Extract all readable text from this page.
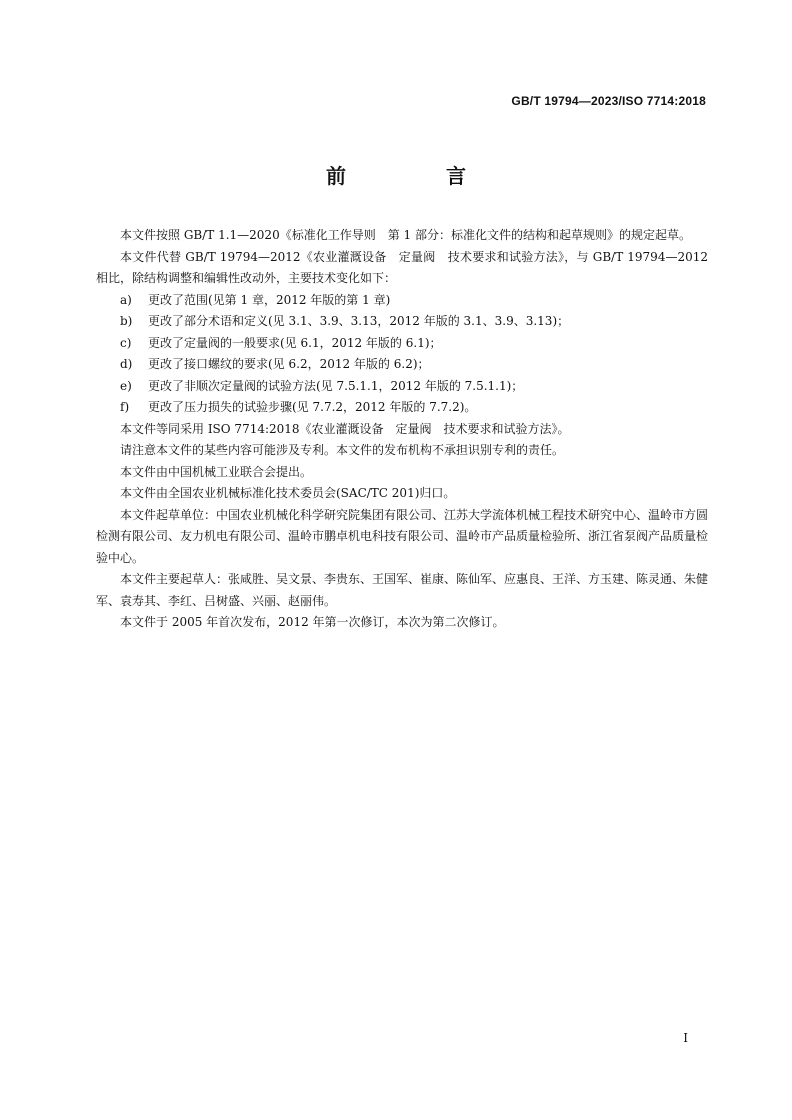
GB/T 19794—2023/ISO 7714:2018
前　言

本文件按照 GB/T 1.1—2020《标准化工作导则　第 1 部分：标准化文件的结构和起草规则》的规定起草。

本文件代替 GB/T 19794—2012《农业灌溉设备　定量阀　技术要求和试验方法》，与 GB/T 19794—2012 相比，除结构调整和编辑性改动外，主要技术变化如下：

a)	更改了范围(见第 1 章，2012 年版的第 1 章)
b)	更改了部分术语和定义(见 3.1、3.9、3.13，2012 年版的 3.1、3.9、3.13)；
c)	更改了定量阀的一般要求(见 6.1，2012 年版的 6.1)；
d)	更改了接口螺纹的要求(见 6.2，2012 年版的 6.2)；
e)	更改了非顺次定量阀的试验方法(见 7.5.1.1，2012 年版的 7.5.1.1)；
f)	更改了压力损失的试验步骤(见 7.7.2，2012 年版的 7.7.2)。

本文件等同采用 ISO 7714:2018《农业灌溉设备　定量阀　技术要求和试验方法》。

请注意本文件的某些内容可能涉及专利。本文件的发布机构不承担识别专利的责任。

本文件由中国机械工业联合会提出。

本文件由全国农业机械标准化技术委员会(SAC/TC 201)归口。

本文件起草单位：中国农业机械化科学研究院集团有限公司、江苏大学流体机械工程技术研究中心、温岭市方圆检测有限公司、友力机电有限公司、温岭市鹏卓机电科技有限公司、温岭市产品质量检验所、浙江省泵阀产品质量检验中心。

本文件主要起草人：张咸胜、吴文景、李贵东、王国军、崔康、陈仙军、应惠良、王洋、方玉建、陈灵通、朱健军、袁寿其、李红、吕树盛、兴丽、赵丽伟。

本文件于 2005 年首次发布，2012 年第一次修订，本次为第二次修订。

I
